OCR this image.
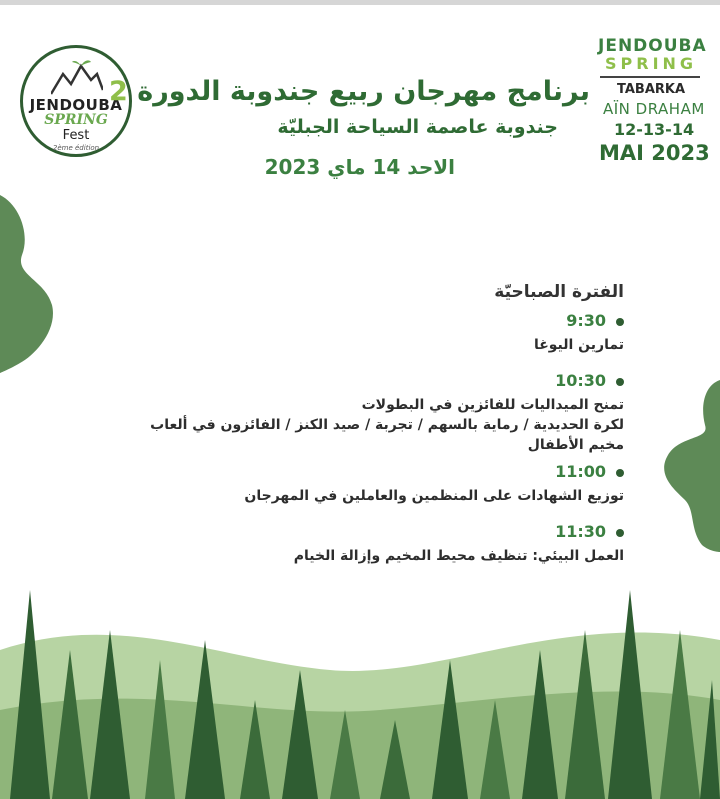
JENDOUBA
SPRING
Fest
2ème édition
برنامج مهرجان ربيع جندوبة الدورة 2
جندوبة عاصمة السياحة الجبليّة
الاحد 14 ماي 2023
JENDOUBA
SPRING
TABARKA
AÏN DRAHAM
12-13-14
MAI 2023
الفترة الصباحيّة
9:30
تمارين اليوغا
10:30
تمنح الميداليات للفائزين في البطولات
لكرة الحديدية / رماية بالسهم / تجربة / صيد الكنز / الفائزون في ألعاب
مخيم الأطفال
11:00
توزيع الشهادات على المنظمين والعاملين في المهرجان
11:30
العمل البيئي: تنظيف محيط المخيم وإزالة الخيام
